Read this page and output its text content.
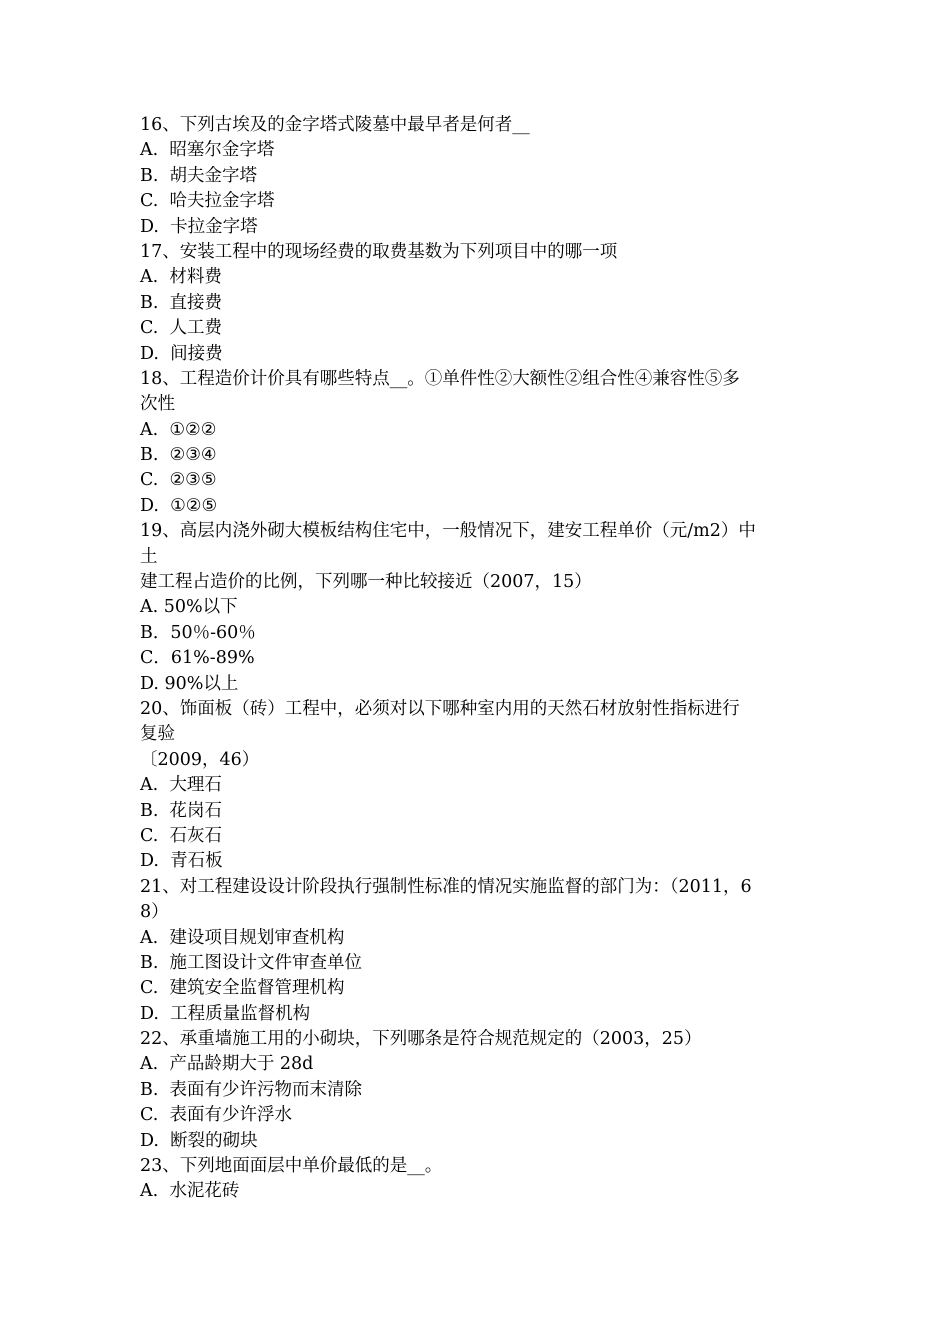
16、下列古埃及的金字塔式陵墓中最早者是何者__
A.  昭塞尔金字塔
B.  胡夫金字塔
C.  哈夫拉金字塔
D.  卡拉金字塔
17、安装工程中的现场经费的取费基数为下列项目中的哪一项
A.  材料费
B.  直接费
C.  人工费
D.  间接费
18、工程造价计价具有哪些特点__。①单件性②大额性②组合性④兼容性⑤多
次性
A.  ①②②
B.  ②③④
C.  ②③⑤
D.  ①②⑤
19、高层内浇外砌大模板结构住宅中，一般情况下，建安工程单价（元/m2）中
土
建工程占造价的比例，下列哪一种比较接近（2007，15）
A. 50%以下
B．50％-60％
C．61%-89%
D. 90%以上
20、饰面板（砖）工程中，必须对以下哪种室内用的天然石材放射性指标进行
复验
〔2009，46）
A.  大理石
B.  花岗石
C.  石灰石
D.  青石板
21、对工程建设设计阶段执行强制性标准的情况实施监督的部门为：（2011，6
8）
A.  建设项目规划审查机构
B.  施工图设计文件审查单位
C.  建筑安全监督管理机构
D.  工程质量监督机构
22、承重墙施工用的小砌块，下列哪条是符合规范规定的（2003，25）
A.  产品龄期大于 28d
B.  表面有少许污物而末清除
C.  表面有少许浮水
D.  断裂的砌块
23、下列地面面层中单价最低的是__。
A.  水泥花砖
